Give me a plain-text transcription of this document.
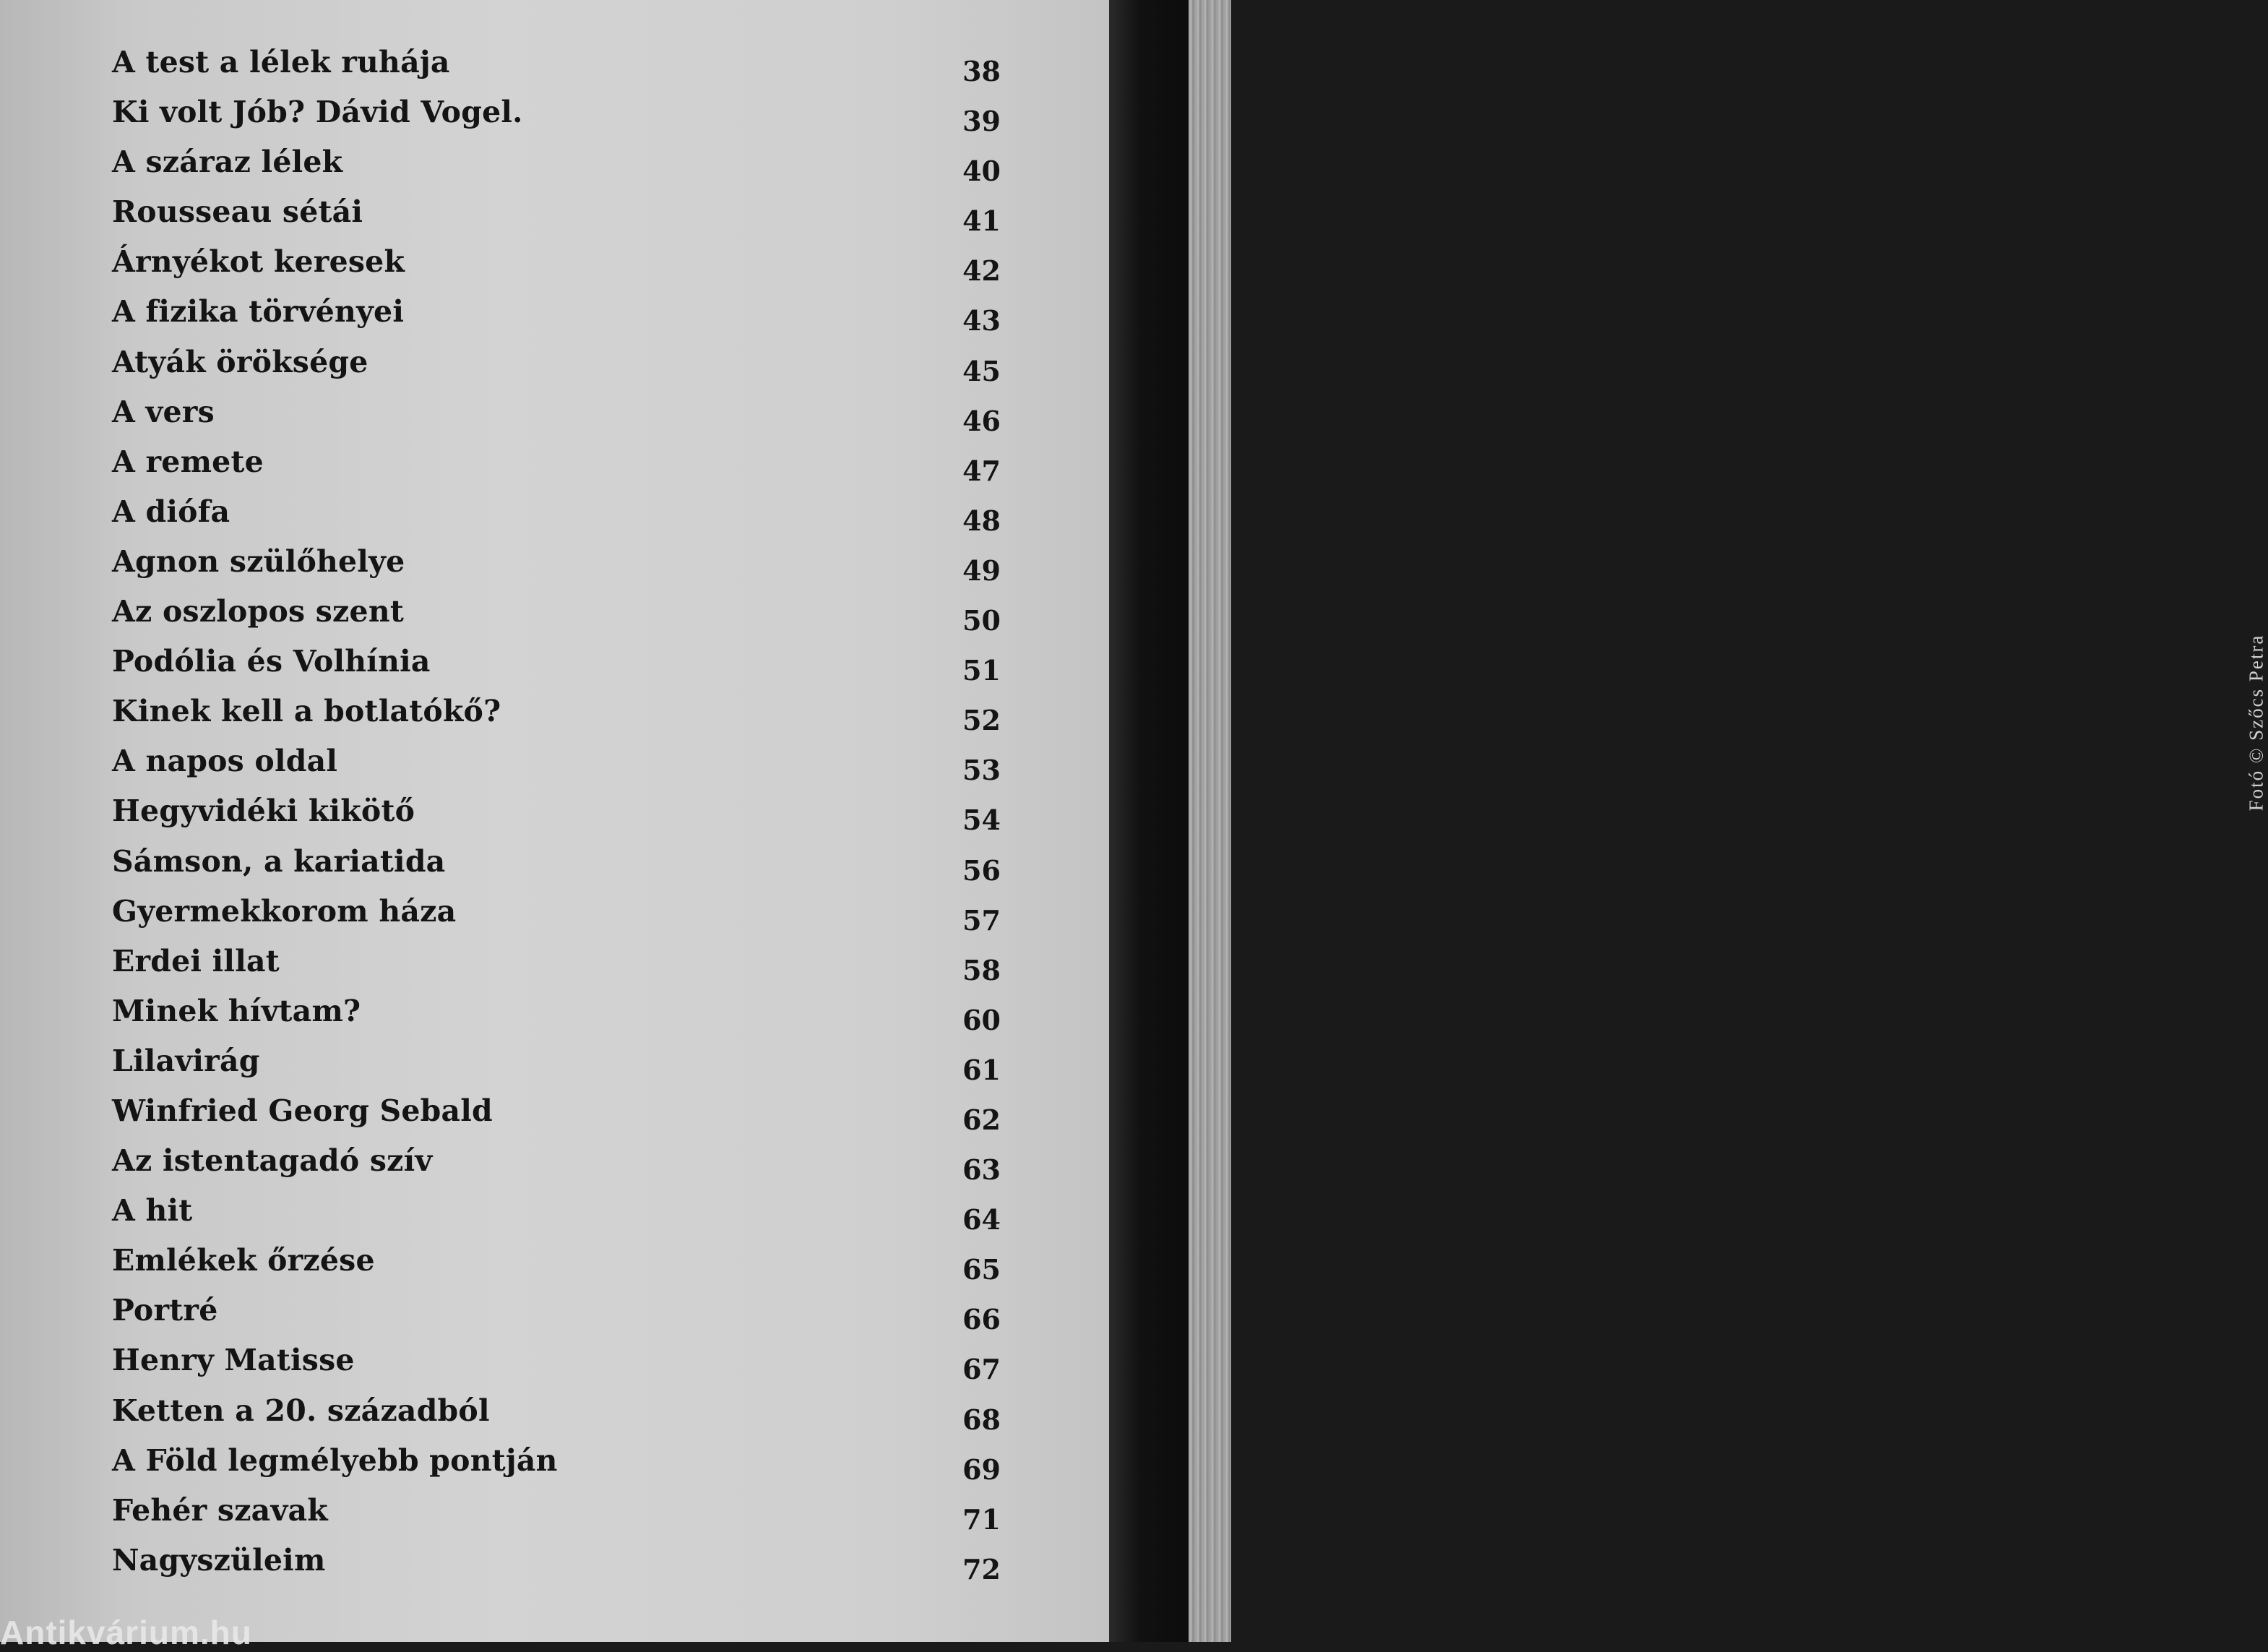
A test a lélek ruhája	38
Ki volt Jób? Dávid Vogel.	39
A száraz lélek	40
Rousseau sétái	41
Árnyékot keresek	42
A fizika törvényei	43
Atyák öröksége	45
A vers	46
A remete	47
A diófa	48
Agnon szülőhelye	49
Az oszlopos szent	50
Podólia és Volhínia	51
Kinek kell a botlatókő?	52
A napos oldal	53
Hegyvidéki kikötő	54
Sámson, a kariatida	56
Gyermekkorom háza	57
Erdei illat	58
Minek hívtam?	60
Lilavirág	61
Winfried Georg Sebald	62
Az istentagadó szív	63
A hit	64
Emlékek őrzése	65
Portré	66
Henry Matisse	67
Ketten a 20. századból	68
A Föld legmélyebb pontján	69
Fehér szavak	71
Nagyszüleim	72
Antikvárium.hu
Fotó © Szőcs Petra
